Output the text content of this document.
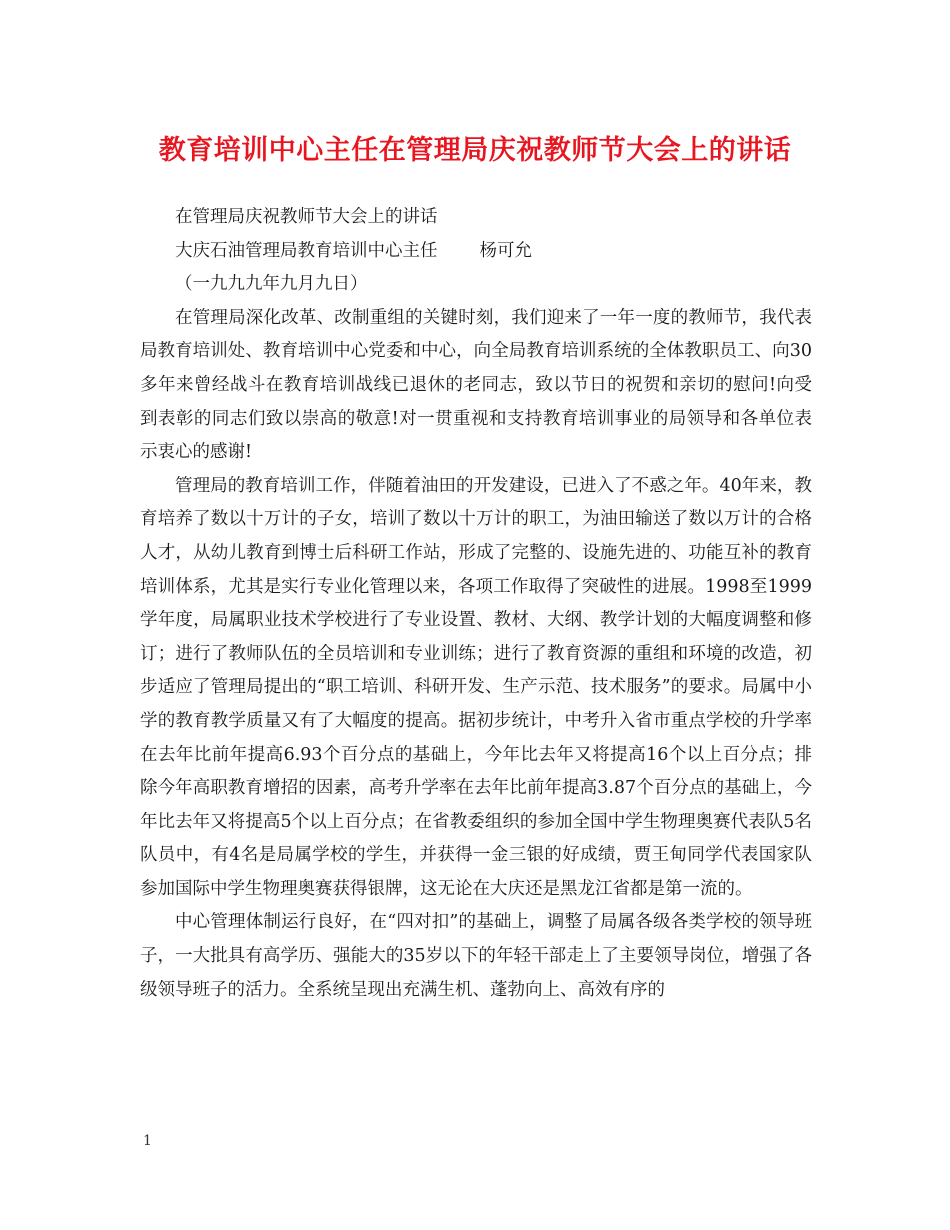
教育培训中心主任在管理局庆祝教师节大会上的讲话
在管理局庆祝教师节大会上的讲话
大庆石油管理局教育培训中心主任 杨可允
（一九九九年九月九日）

在管理局深化改革、改制重组的关键时刻，我们迎来了一年一度的教师节，我代表局教育培训处、教育培训中心党委和中心，向全局教育培训系统的全体教职员工、向30多年来曾经战斗在教育培训战线已退休的老同志，致以节日的祝贺和亲切的慰问!向受到表彰的同志们致以崇高的敬意!对一贯重视和支持教育培训事业的局领导和各单位表示衷心的感谢!

管理局的教育培训工作，伴随着油田的开发建设，已进入了不惑之年。40年来，教育培养了数以十万计的子女，培训了数以十万计的职工，为油田输送了数以万计的合格人才，从幼儿教育到博士后科研工作站，形成了完整的、设施先进的、功能互补的教育培训体系，尤其是实行专业化管理以来，各项工作取得了突破性的进展。1998至1999学年度，局属职业技术学校进行了专业设置、教材、大纲、教学计划的大幅度调整和修订；进行了教师队伍的全员培训和专业训练；进行了教育资源的重组和环境的改造，初步适应了管理局提出的“职工培训、科研开发、生产示范、技术服务”的要求。局属中小学的教育教学质量又有了大幅度的提高。据初步统计，中考升入省市重点学校的升学率在去年比前年提高6.93个百分点的基础上，今年比去年又将提高16个以上百分点；排除今年高职教育增招的因素，高考升学率在去年比前年提高3.87个百分点的基础上，今年比去年又将提高5个以上百分点；在省教委组织的参加全国中学生物理奥赛代表队5名队员中，有4名是局属学校的学生，并获得一金三银的好成绩，贾王甸同学代表国家队参加国际中学生物理奥赛获得银牌，这无论在大庆还是黑龙江省都是第一流的。

中心管理体制运行良好，在“四对扣”的基础上，调整了局属各级各类学校的领导班子，一大批具有高学历、强能大的35岁以下的年轻干部走上了主要领导岗位，增强了各级领导班子的活力。全系统呈现出充满生机、蓬勃向上、高效有序的

1
